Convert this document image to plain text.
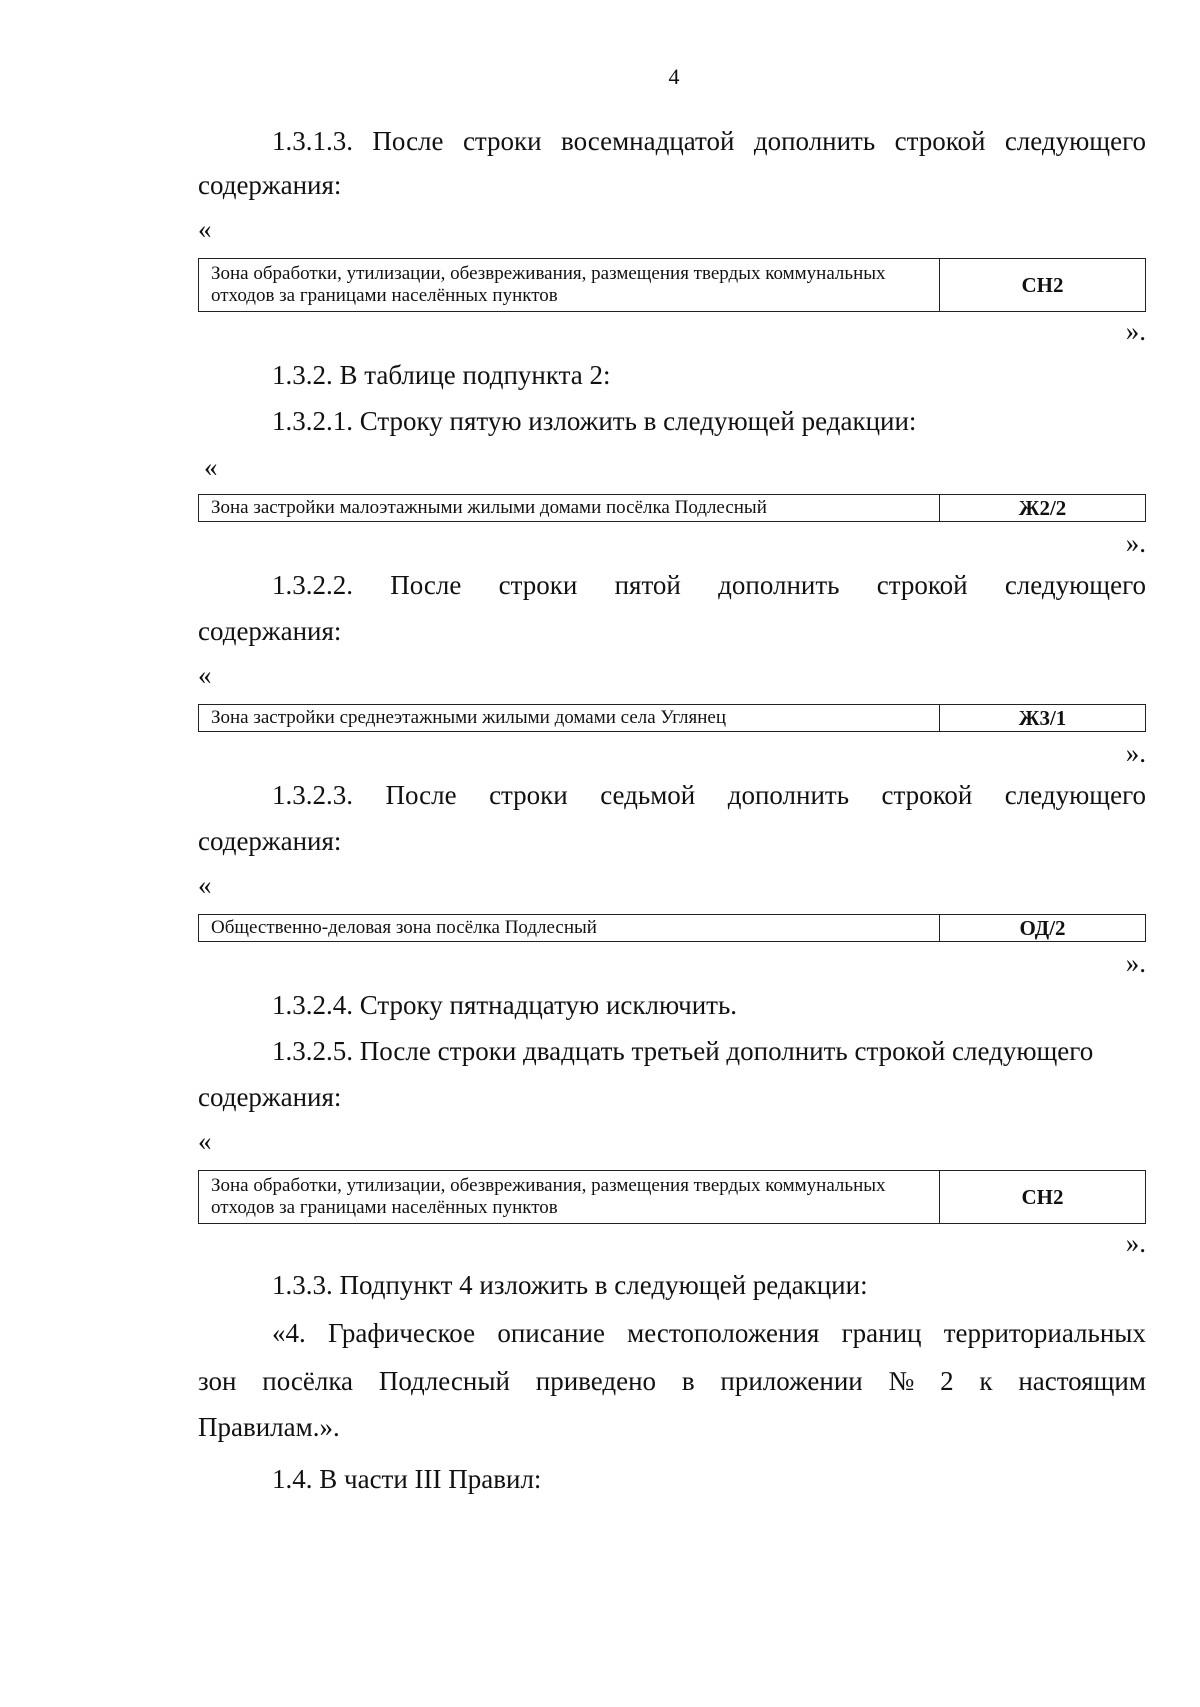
4
1.3.1.3. После строки восемнадцатой дополнить строкой следующего
содержания:
«
Зона обработки, утилизации, обезвреживания, размещения твердых коммунальных отходов за границами населённых пунктов	СН2
».
1.3.2. В таблице подпункта 2:
1.3.2.1. Строку пятую изложить в следующей редакции:
«
Зона застройки малоэтажными жилыми домами посёлка Подлесный	Ж2/2
».
1.3.2.2. После строки пятой дополнить строкой следующего
содержания:
«
Зона застройки среднеэтажными жилыми домами села Углянец	Ж3/1
».
1.3.2.3. После строки седьмой дополнить строкой следующего
содержания:
«
Общественно-деловая зона посёлка Подлесный	ОД/2
».
1.3.2.4. Строку пятнадцатую исключить.
1.3.2.5. После строки двадцать третьей дополнить строкой следующего
содержания:
«
Зона обработки, утилизации, обезвреживания, размещения твердых коммунальных отходов за границами населённых пунктов	СН2
».
1.3.3. Подпункт 4 изложить в следующей редакции:
«4. Графическое описание местоположения границ территориальных
зон посёлка Подлесный приведено в приложении № 2 к настоящим
Правилам.».
1.4. В части III Правил:
